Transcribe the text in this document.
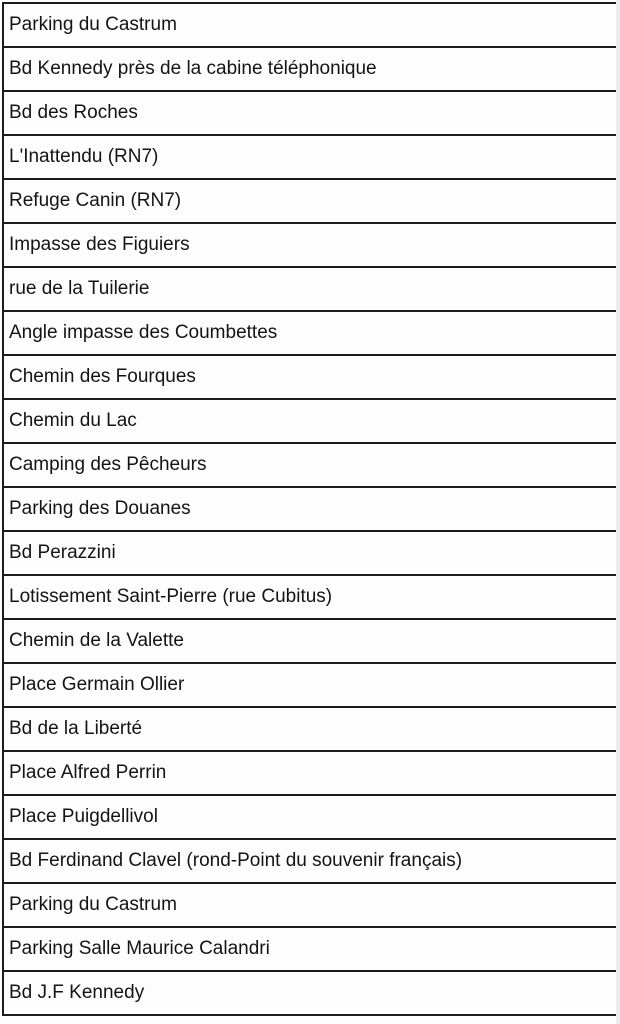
Parking du Castrum
Bd Kennedy près de la cabine téléphonique
Bd des Roches
L'Inattendu (RN7)
Refuge Canin (RN7)
Impasse des Figuiers
rue de la Tuilerie
Angle impasse des Coumbettes
Chemin des Fourques
Chemin du Lac
Camping des Pêcheurs
Parking des Douanes
Bd Perazzini
Lotissement Saint-Pierre (rue Cubitus)
Chemin de la Valette
Place Germain Ollier
Bd de la Liberté
Place Alfred Perrin
Place Puigdellivol
Bd Ferdinand Clavel (rond-Point du souvenir français)
Parking du Castrum
Parking Salle Maurice Calandri
Bd J.F Kennedy
